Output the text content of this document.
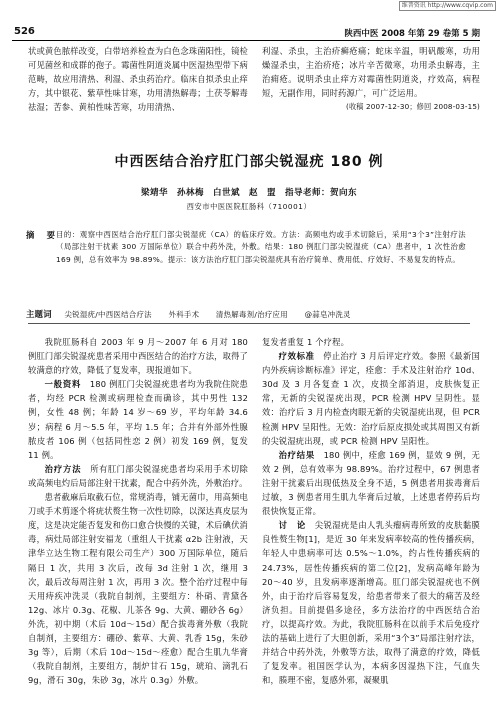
维普资讯 http://www.cqvip.com
526	陕西中医 2008 年第 29 卷第 5 期

状或黄色脓样改变，白带培养检查为白色念珠菌阳性，镜检可见菌丝和成群的孢子。霉菌性阴道炎属中医湿热型带下病范畴，故应用清热、利湿、杀虫药治疗。临床自拟杀虫止痒方，其中银花、紫草性味甘寒，功用清热解毒；土茯苓解毒祛湿；苦参、黄柏性味苦寒，功用清热、

利湿、杀虫，主治疥癣疮痛；蛇床辛温，明矾酸寒，功用燥湿杀虫，主治疥疮；冰片辛苦微寒，功用杀虫解毒，主治痈疮。说明杀虫止痒方对霉菌性阴道炎，疗效高，病程短，无副作用，同时药源广，可广泛运用。

(收稿 2007-12-30；修回 2008-03-15)
中西医结合治疗肛门部尖锐湿疣 180 例
梁靖华　孙林梅　白世斌　赵　盟　指导老师：贺向东
西安市中医医院肛肠科（710001）
摘　要 目的：观察中西医结合治疗肛门部尖锐湿疣（CA）的临床疗效。方法：高频电灼或手术切除后，采用“3个3”注射疗法（局部注射干扰素 300 万国际单位）联合中药外洗，外敷。结果：180 例肛门部尖锐湿疣（CA）患者中，1 次性治愈 169 例，总有效率为 98.89%。提示：该方法治疗肛门部尖锐湿疣具有治疗简单、费用低、疗效好、不易复发的特点。
主题词 尖锐湿疣/中西医结合疗法 外科手术 清热解毒剂/治疗应用 @蒜皂冲洗灵

我院肛肠科自 2003 年 9 月～2007 年 6 月对 180 例肛门部尖锐湿疣患者采用中西医结合的治疗方法，取得了较满意的疗效，降低了复发率，现报道如下。

一般资料　 180 例肛门尖锐湿疣患者均为我院住院患者，均经 PCR 检测或病理检查而确诊，其中男性 132 例，女性 48 例；年龄 14 岁～69 岁，平均年龄 34.6 岁；病程 6 月～5.5 年，平均 1.5 年；合并有外部外性腺脓皮者 106 例（包括同性恋 2 例）初发 169 例，复发 11 例。

治疗方法　 所有肛门部尖锐湿疣患者均采用手术切除或高频电灼后局部注射干扰素，配合中药外洗，外敷治疗。

患者截麻后取截石位，常规消毒，铺无菌巾，用高频电刀或手术剪逐个将疣状赘生物一次性切除，以深达真皮层为度，这是决定能否复发和伤口愈合快慢的关键，术后碘伏消毒，病灶局部注射安福龙（重组人干扰素 α2b 注射液，天津华立达生物工程有限公司生产）300 万国际单位，随后隔日 1 次，共用 3 次后，改每 3d 注射 1 次，继用 3 次，最后改每周注射 1 次，再用 3 次。整个治疗过程中每天用痔疾冲洗灵（我院自制剂，主要组方：朴硝、青黛各 12g、冰片 0.3g、花椒、儿茶各 9g、大黄、硼砂各 6g）外洗，初中期（术后 10d～15d）配合拔毒膏外敷（我院自制剂，主要组方：硼砂、紫草、大黄、乳香 15g，朱砂 3g 等），后期（术后 10d～15d～痊愈）配合生肌九华膏（我院自制剂，主要组方，制炉甘石 15g，琥珀、滴乳石 9g，滑石 30g，朱砂 3g，冰片 0.3g）外敷。

复发者重复 1 个疗程。

疗效标准　 停止治疗 3 月后评定疗效。参照《最新国内外疾病诊断标准》评定，痊愈：手术及注射治疗 10d、30d 及 3 月各复查 1 次，皮损全部消退，皮肤恢复正常，无新的尖锐湿疣出现，PCR 检测 HPV 呈阴性。显效：治疗后 3 月内检查肉眼无新的尖锐湿疣出现，但 PCR 检测 HPV 呈阳性。无效：治疗后原皮损处或其周围又有新的尖锐湿疣出现，或 PCR 检测 HPV 呈阳性。

治疗结果　 180 例中，痊愈 169 例，显效 9 例，无效 2 例，总有效率为 98.89%。治疗过程中，67 例患者注射干扰素后出现低热及全身不适，5 例患者用拔毒膏后过敏，3 例患者用生肌九华膏后过敏，上述患者停药后均很快恢复正常。

讨　论　 尖锐湿疣是由人乳头瘤病毒所致的皮肤黏膜良性赘生物[1]，是近 30 年来发病率较高的性传播疾病，年轻人中患病率可达 0.5%～1.0%，约占性传播疾病的 24.73%，居性传播疾病的第二位[2]，发病高峰年龄为 20～40 岁，且发病率逐渐增高。肛门部尖锐湿疣也不例外，由于治疗后容易复发，给患者带来了很大的痛苦及经济负担。目前提倡多途径，多方法治疗的中西医结合治疗，以提高疗效。为此，我院肛肠科在以前手术后免疫疗法的基础上进行了大胆创新，采用“3个3”局部注射疗法，并结合中药外洗，外敷等方法，取得了满意的疗效，降低了复发率。祖国医学认为，本病多因湿热下注，气血失和，腠理不密，复感外邪，凝聚肌
